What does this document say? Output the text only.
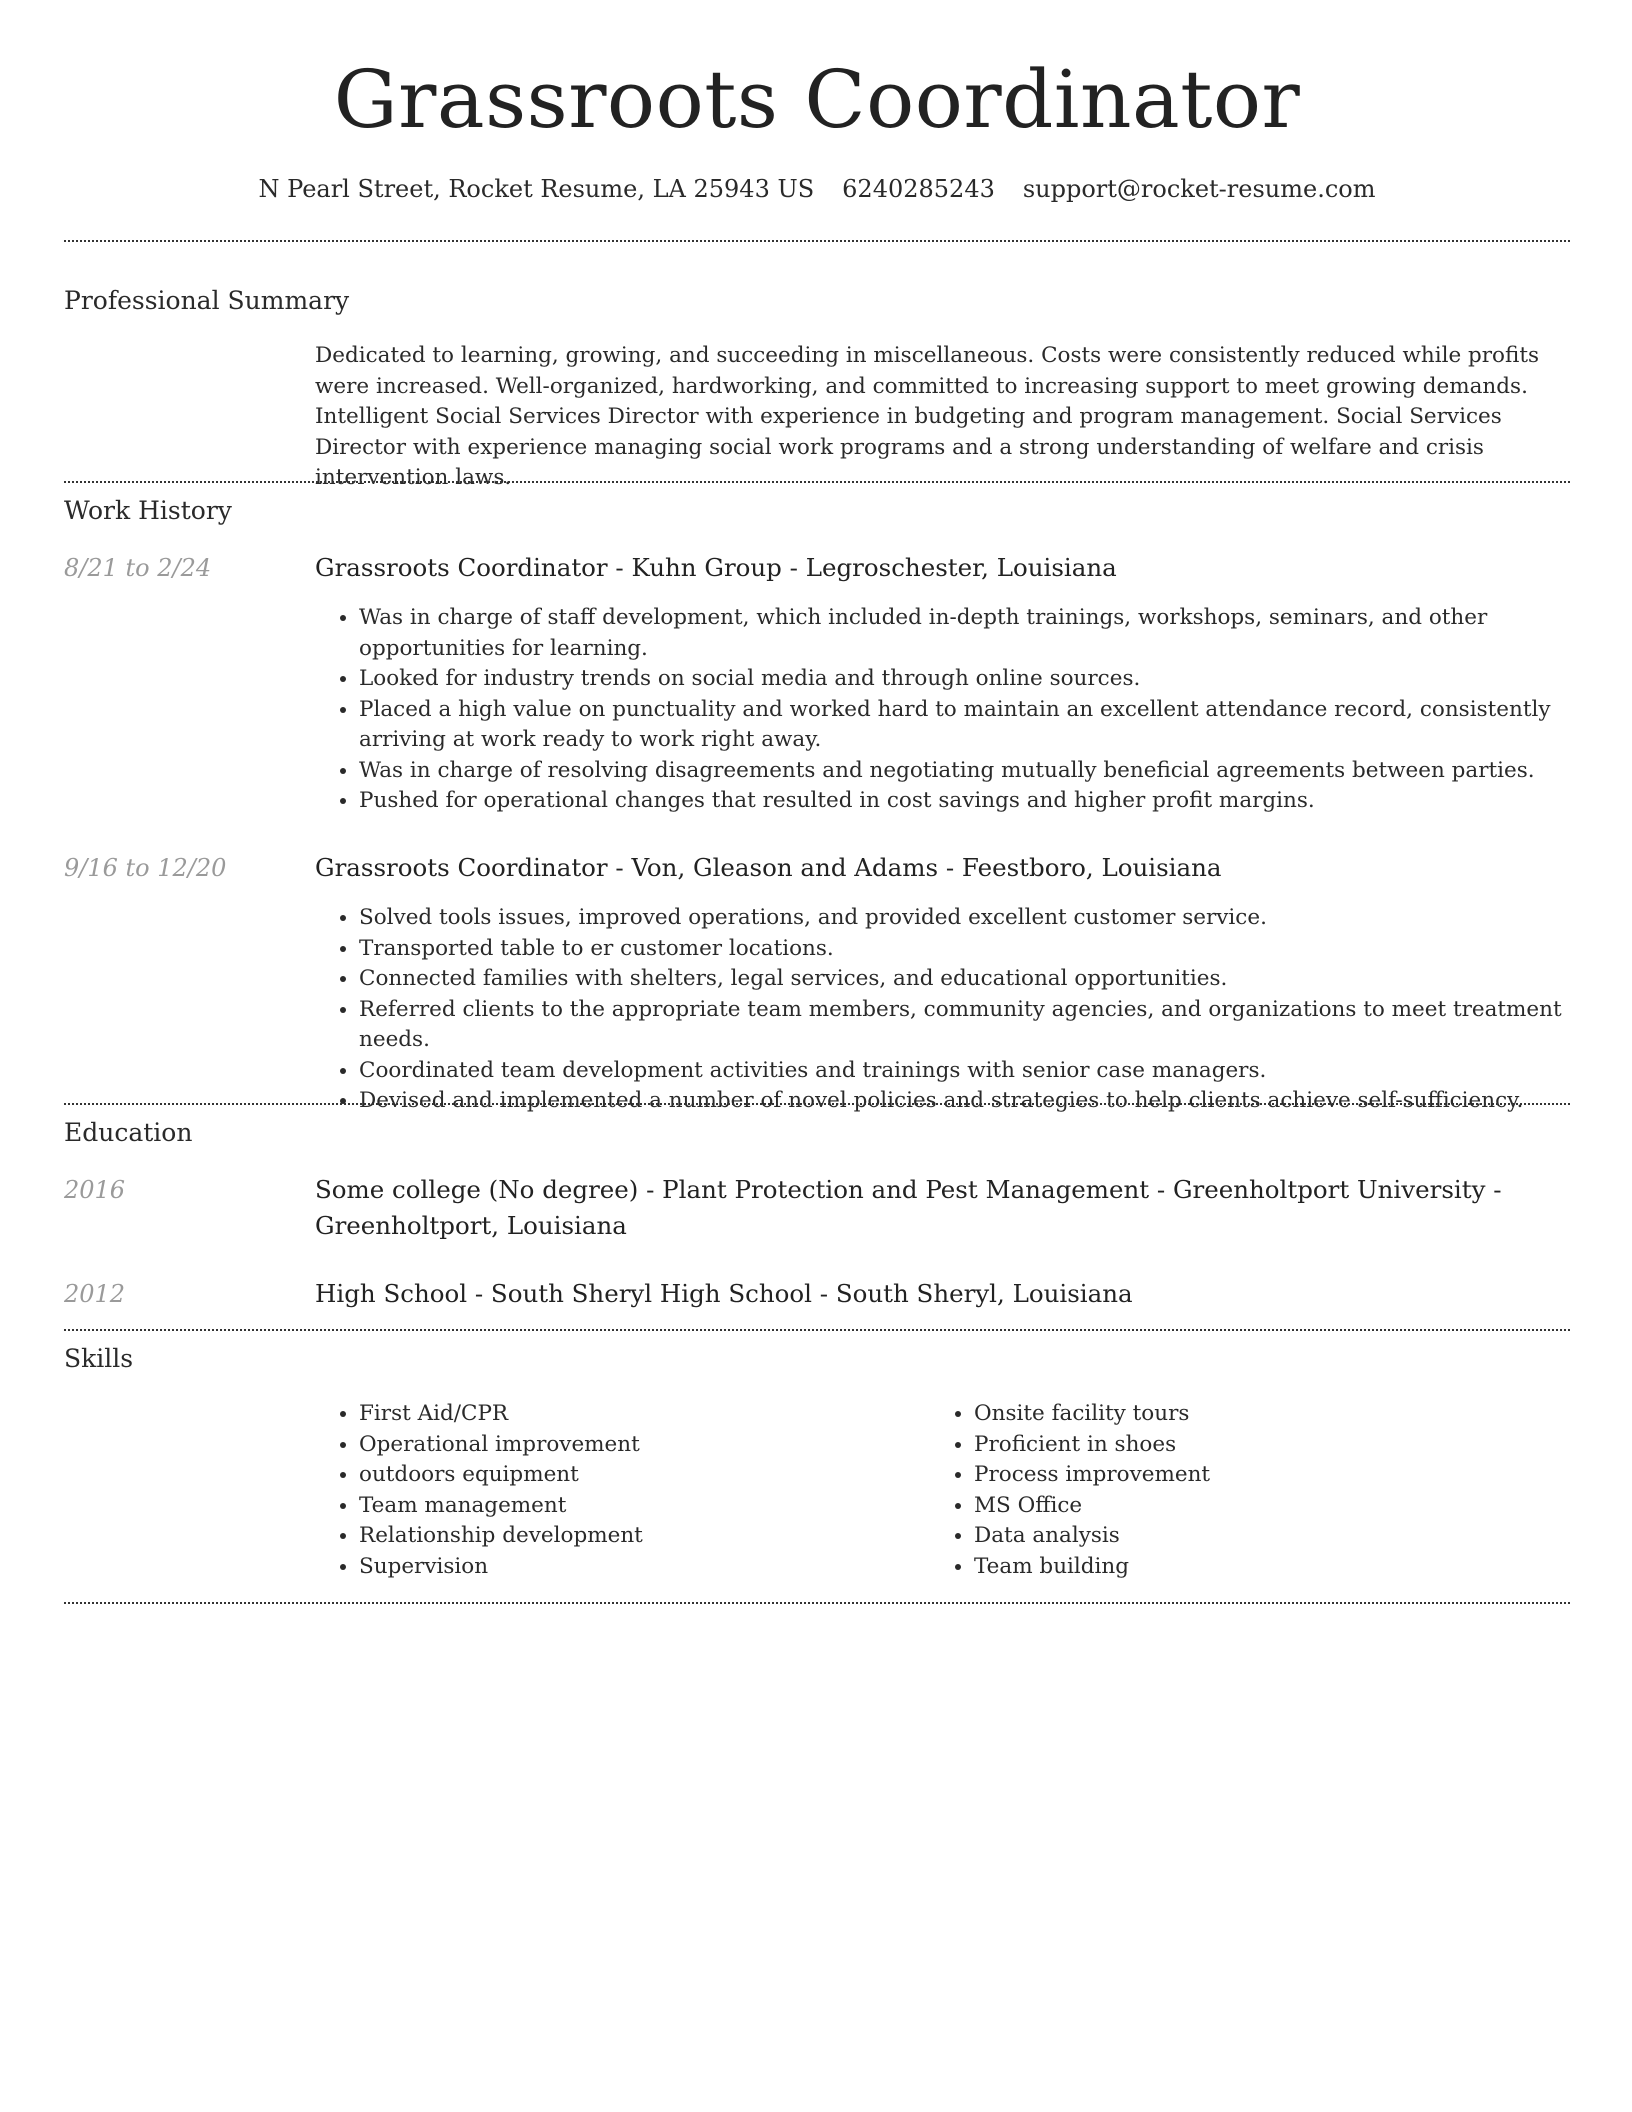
Grassroots Coordinator
N Pearl Street, Rocket Resume, LA 25943 US 6240285243 support@rocket-resume.com
Professional Summary
Dedicated to learning, growing, and succeeding in miscellaneous. Costs were consistently reduced while profits were increased. Well-organized, hardworking, and committed to increasing support to meet growing demands. Intelligent Social Services Director with experience in budgeting and program management. Social Services Director with experience managing social work programs and a strong understanding of welfare and crisis intervention laws.
Work History
8/21 to 2/24	Grassroots Coordinator - Kuhn Group - Legroschester, Louisiana
• Was in charge of staff development, which included in-depth trainings, workshops, seminars, and other opportunities for learning.
• Looked for industry trends on social media and through online sources.
• Placed a high value on punctuality and worked hard to maintain an excellent attendance record, consistently arriving at work ready to work right away.
• Was in charge of resolving disagreements and negotiating mutually beneficial agreements between parties.
• Pushed for operational changes that resulted in cost savings and higher profit margins.
9/16 to 12/20	Grassroots Coordinator - Von, Gleason and Adams - Feestboro, Louisiana
• Solved tools issues, improved operations, and provided excellent customer service.
• Transported table to er customer locations.
• Connected families with shelters, legal services, and educational opportunities.
• Referred clients to the appropriate team members, community agencies, and organizations to meet treatment needs.
• Coordinated team development activities and trainings with senior case managers.
• Devised and implemented a number of novel policies and strategies to help clients achieve self-sufficiency.
Education
2016	Some college (No degree) - Plant Protection and Pest Management - Greenholtport University - Greenholtport, Louisiana
2012	High School - South Sheryl High School - South Sheryl, Louisiana
Skills
• First Aid/CPR
• Operational improvement
• outdoors equipment
• Team management
• Relationship development
• Supervision
• Onsite facility tours
• Proficient in shoes
• Process improvement
• MS Office
• Data analysis
• Team building
